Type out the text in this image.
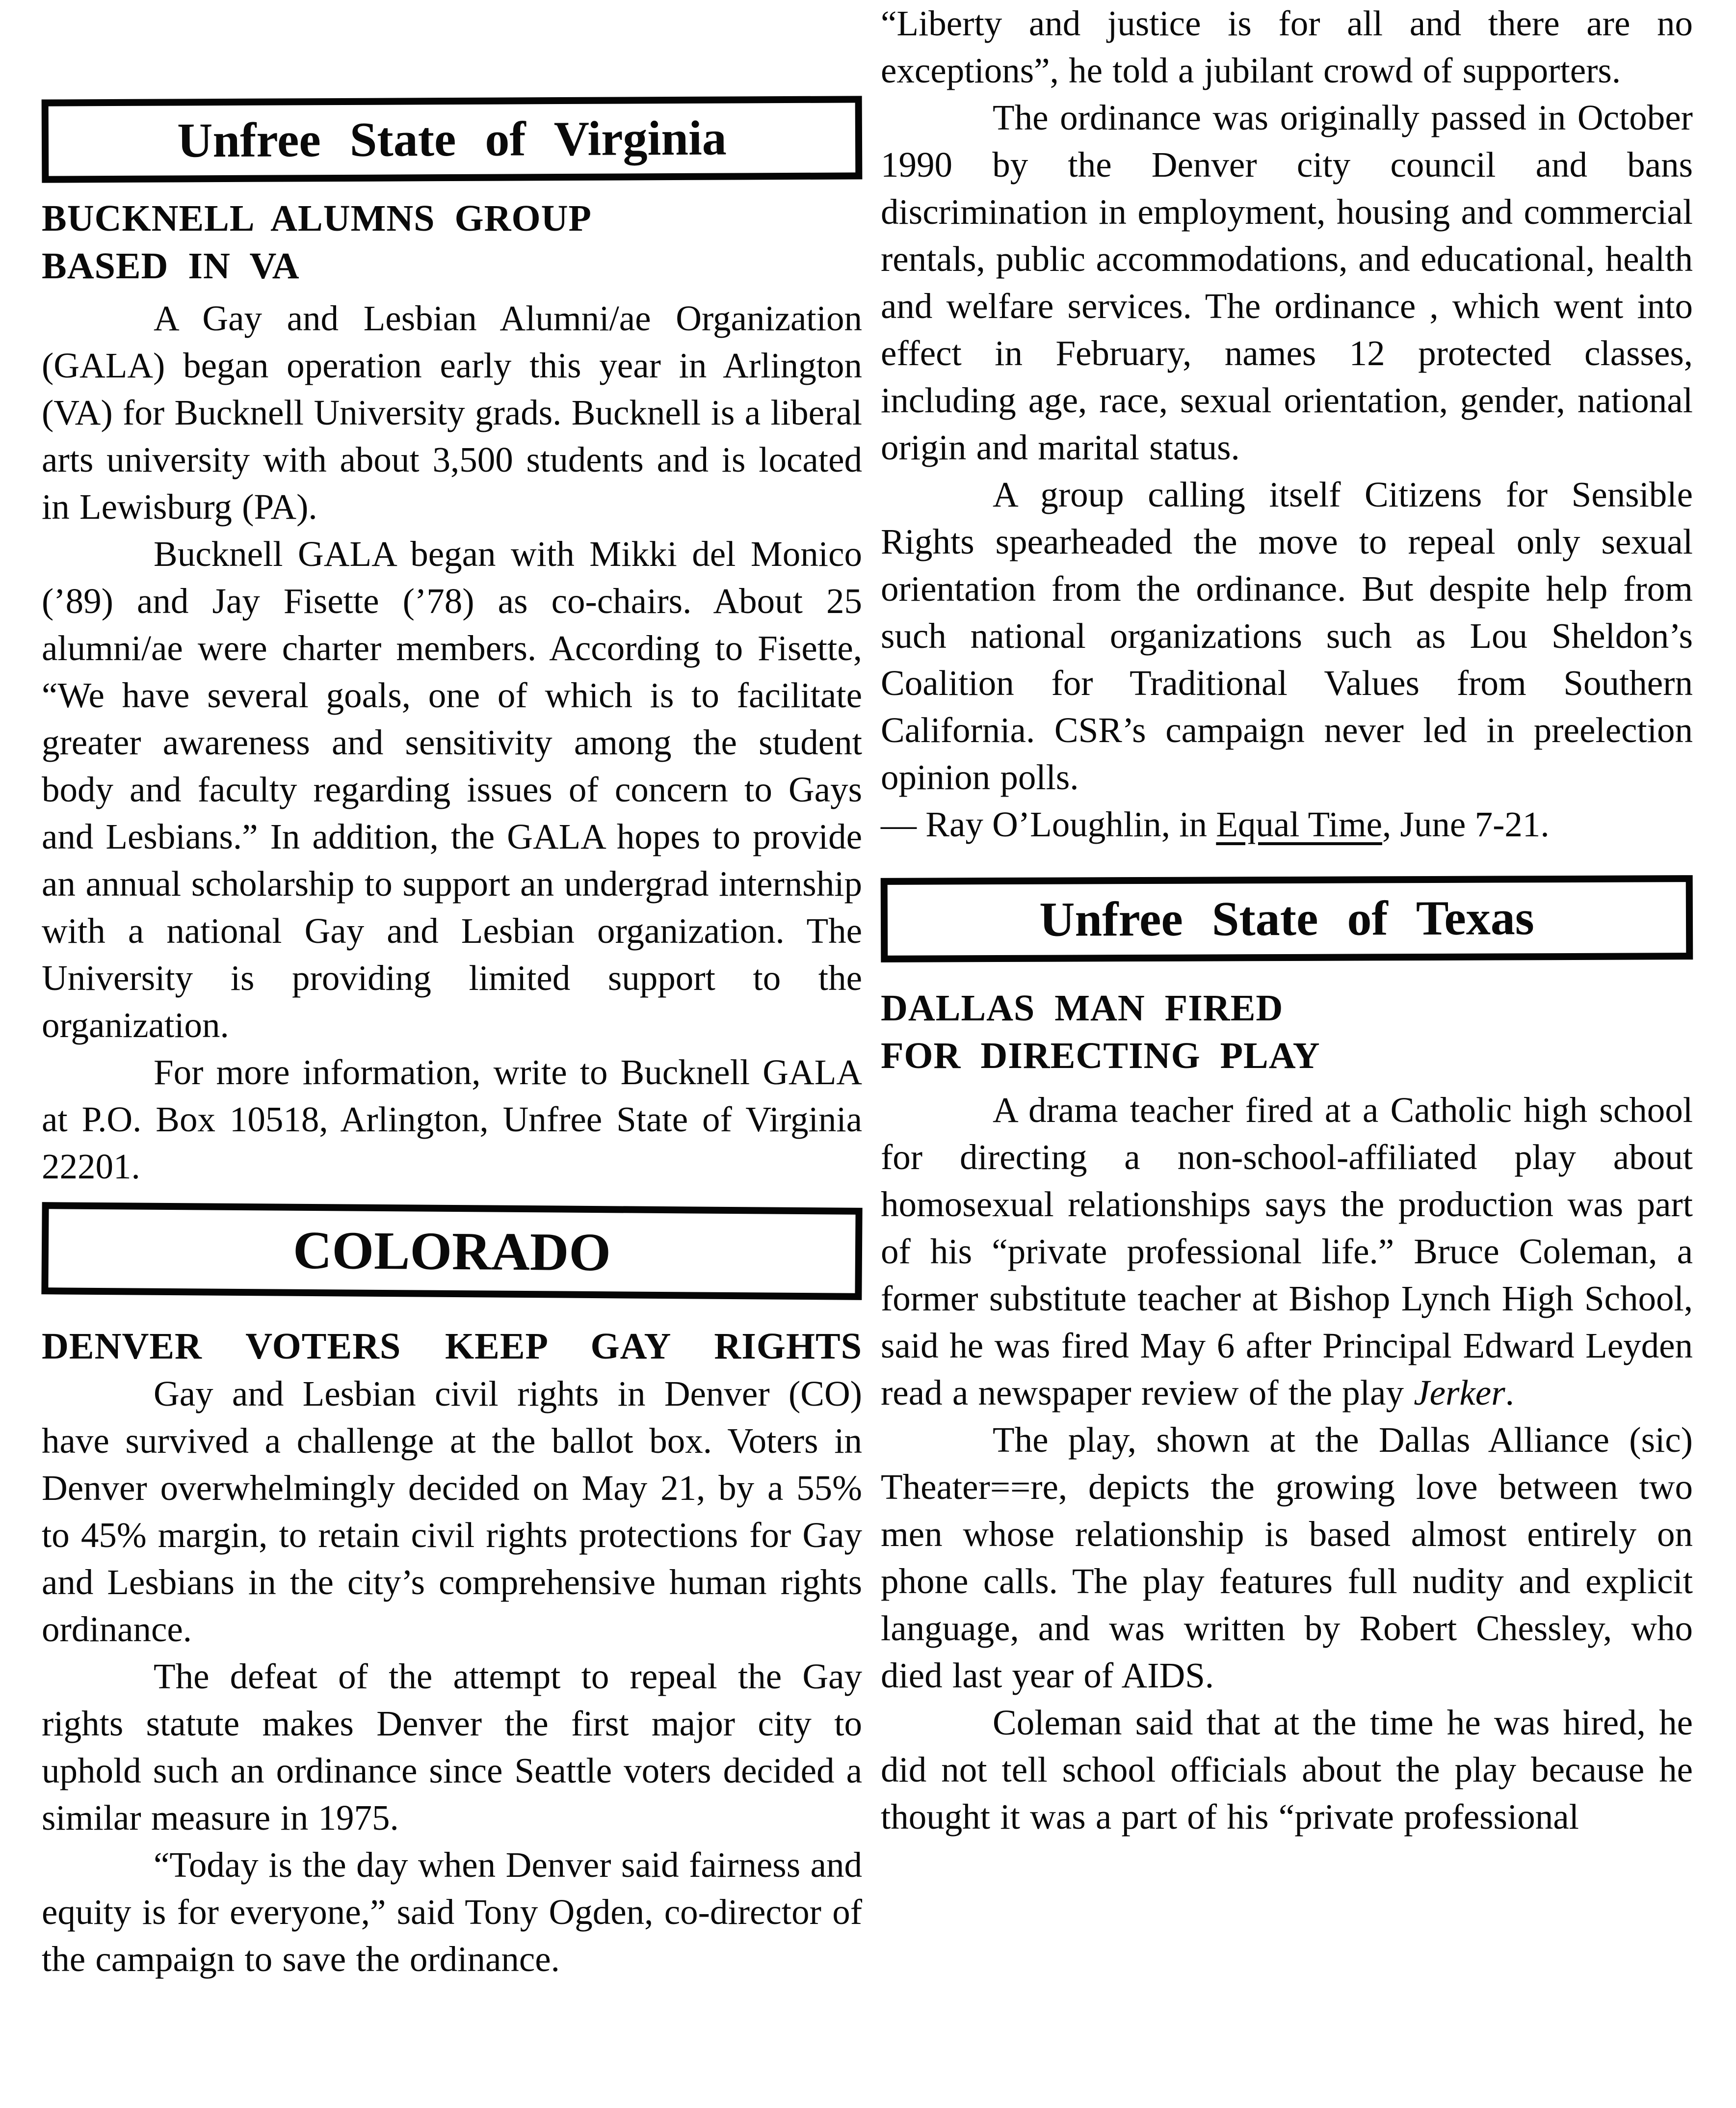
Unfree State of Virginia

BUCKNELL ALUMNS GROUP
BASED IN VA

A Gay and Lesbian Alumni/ae Organization (GALA) began operation early this year in Arlington (VA) for Bucknell University grads. Bucknell is a liberal arts university with about 3,500 students and is located in Lewisburg (PA).

Bucknell GALA began with Mikki del Monico (’89) and Jay Fisette (’78) as co-chairs. About 25 alumni/ae were charter members. According to Fisette, “We have several goals, one of which is to facilitate greater awareness and sensitivity among the student body and faculty regarding issues of concern to Gays and Lesbians.” In addition, the GALA hopes to provide an annual scholarship to support an undergrad internship with a national Gay and Lesbian organization. The University is providing limited support to the organization.

For more information, write to Bucknell GALA at P.O. Box 10518, Arlington, Unfree State of Virginia 22201.

COLORADO

DENVER VOTERS KEEP GAY RIGHTS

Gay and Lesbian civil rights in Denver (CO) have survived a challenge at the ballot box. Voters in Denver overwhelmingly decided on May 21, by a 55% to 45% margin, to retain civil rights protections for Gay and Lesbians in the city’s comprehensive human rights ordinance.

The defeat of the attempt to repeal the Gay rights statute makes Denver the first major city to uphold such an ordinance since Seattle voters decided a similar measure in 1975.

“Today is the day when Denver said fairness and equity is for everyone,” said Tony Ogden, co-director of the campaign to save the ordinance.

“Liberty and justice is for all and there are no exceptions”, he told a jubilant crowd of supporters.

The ordinance was originally passed in October 1990 by the Denver city council and bans discrimination in employment, housing and commercial rentals, public accommodations, and educational, health and welfare services. The ordinance , which went into effect in February, names 12 protected classes, including age, race, sexual orientation, gender, national origin and marital status.

A group calling itself Citizens for Sensible Rights spearheaded the move to repeal only sexual orientation from the ordinance. But despite help from such national organizations such as Lou Sheldon’s Coalition for Traditional Values from Southern California. CSR’s campaign never led in preelection opinion polls.

— Ray O’Loughlin, in Equal Time, June 7-21.

Unfree State of Texas

DALLAS MAN FIRED
FOR DIRECTING PLAY

A drama teacher fired at a Catholic high school for directing a non-school-affiliated play about homosexual relationships says the production was part of his “private professional life.” Bruce Coleman, a former substitute teacher at Bishop Lynch High School, said he was fired May 6 after Principal Edward Leyden read a newspaper review of the play Jerker.

The play, shown at the Dallas Alliance (sic) Theater==re, depicts the growing love between two men whose relationship is based almost entirely on phone calls. The play features full nudity and explicit language, and was written by Robert Chessley, who died last year of AIDS.

Coleman said that at the time he was hired, he did not tell school officials about the play because he thought it was a part of his “private professional
